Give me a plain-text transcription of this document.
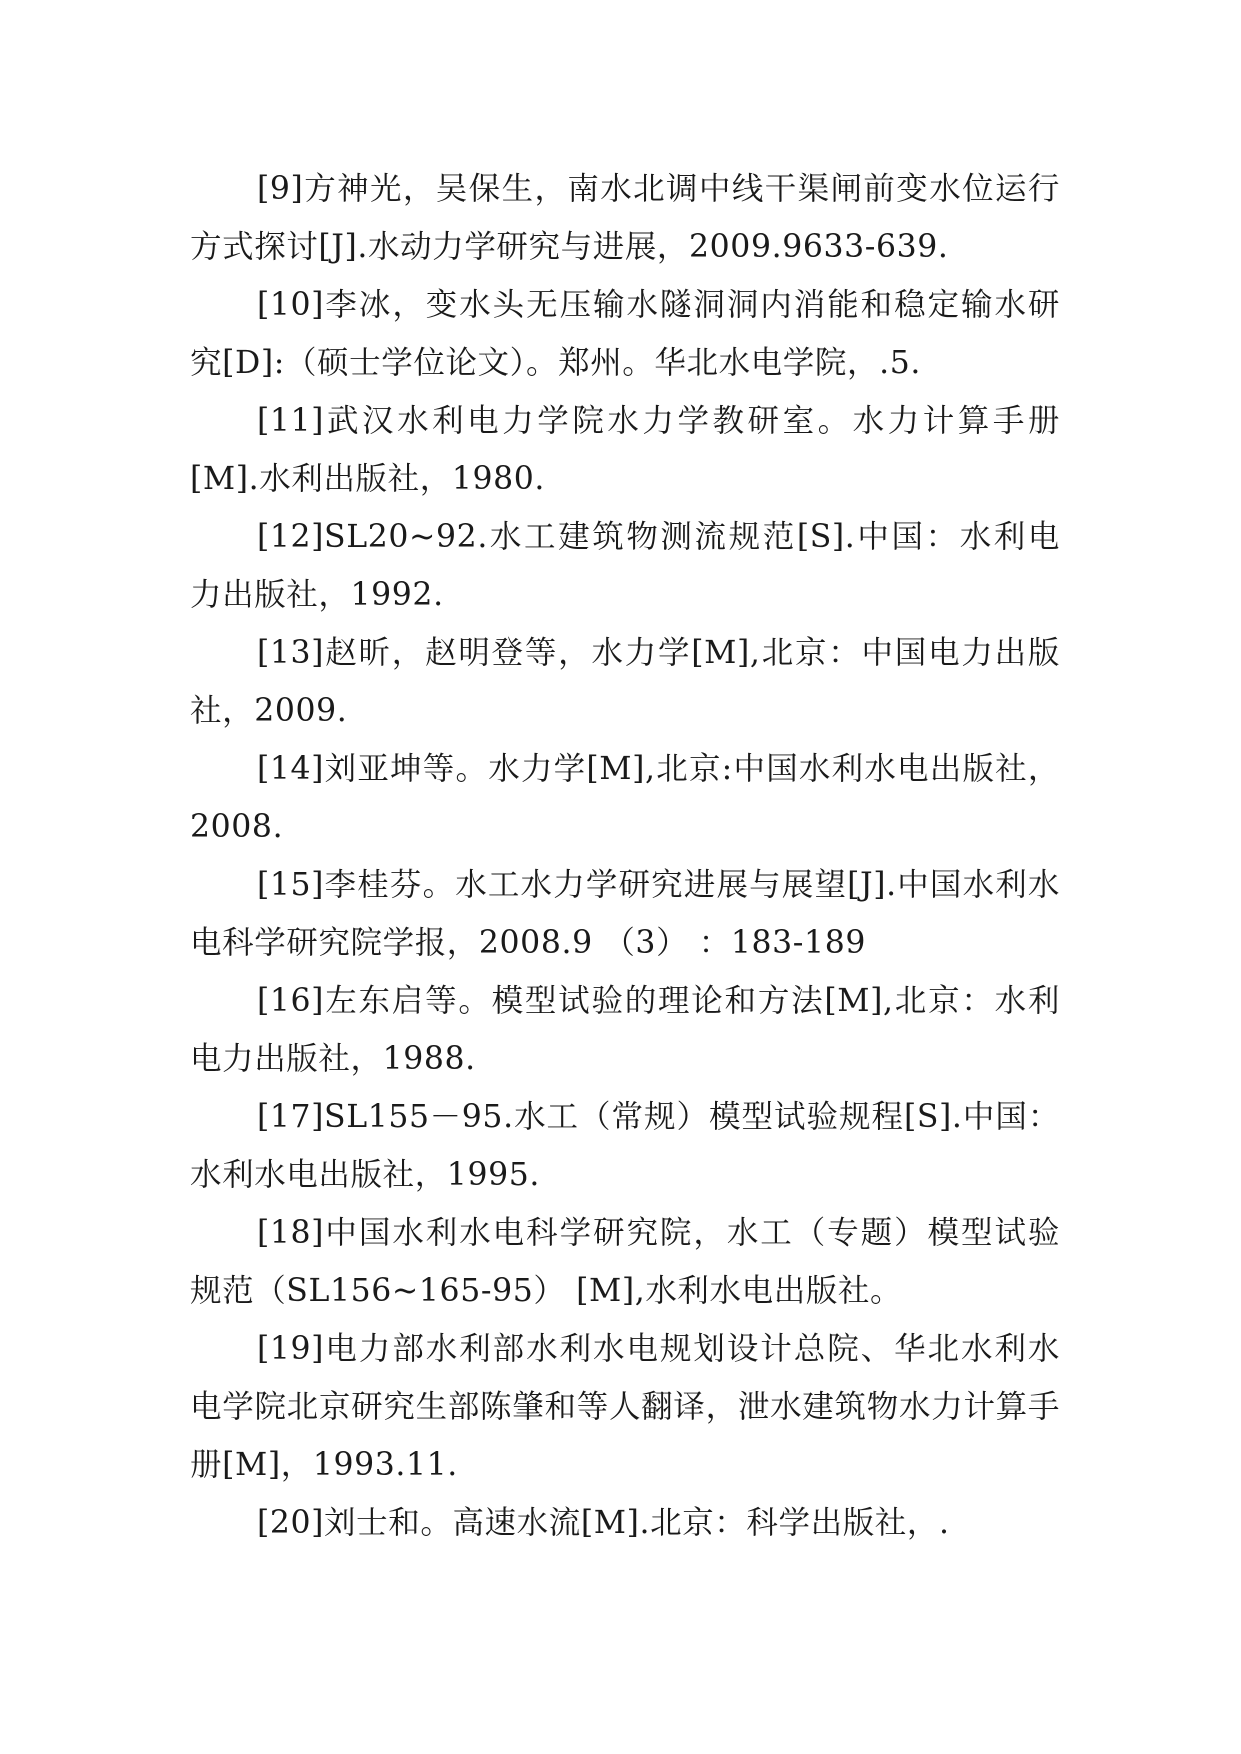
[9]方神光，吴保生，南水北调中线干渠闸前变水位运行方式探讨[J].水动力学研究与进展，2009.9633-639.

[10]李冰，变水头无压输水隧洞洞内消能和稳定输水研究[D]:（硕士学位论文）。郑州。华北水电学院，.5.

[11]武汉水利电力学院水力学教研室。水力计算手册[M].水利出版社，1980.

[12]SL20~92.水工建筑物测流规范[S].中国：水利电力出版社，1992.

[13]赵昕，赵明登等，水力学[M],北京：中国电力出版社，2009.

[14]刘亚坤等。水力学[M],北京:中国水利水电出版社，2008.

[15]李桂芬。水工水力学研究进展与展望[J].中国水利水电科学研究院学报，2008.9 （3） ：183-189

[16]左东启等。模型试验的理论和方法[M],北京：水利电力出版社，1988.

[17]SL155－95.水工（常规）模型试验规程[S].中国：水利水电出版社，1995.

[18]中国水利水电科学研究院，水工（专题）模型试验规范（SL156~165-95） [M],水利水电出版社。

[19]电力部水利部水利水电规划设计总院、华北水利水电学院北京研究生部陈肇和等人翻译，泄水建筑物水力计算手册[M]，1993.11.

[20]刘士和。高速水流[M].北京：科学出版社，.
